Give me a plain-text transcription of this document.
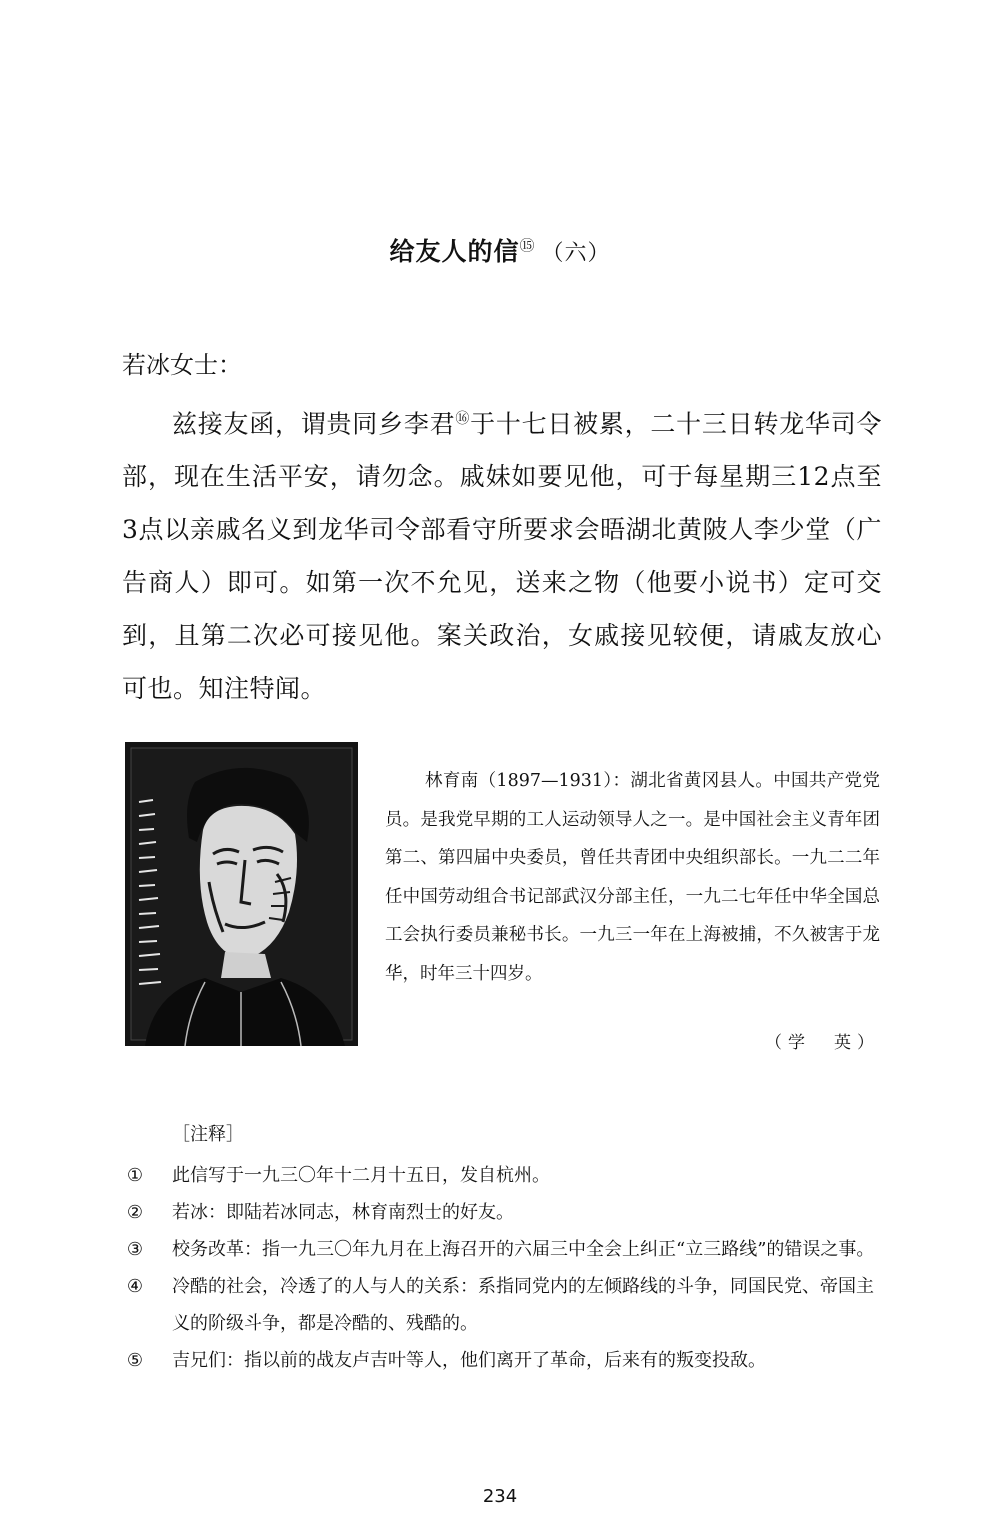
给友人的信⑮ （六）
若冰女士：
兹接友函，谓贵同乡李君⑯于十七日被累，二十三日转龙华司令部，现在生活平安，请勿念。戚妹如要见他，可于每星期三12点至3点以亲戚名义到龙华司令部看守所要求会晤湖北黄陂人李少堂（广告商人）即可。如第一次不允见，送来之物（他要小说书）定可交到，且第二次必可接见他。案关政治，女戚接见较便，请戚友放心可也。知注特闻。
林育南（1897—1931）：湖北省黄冈县人。中国共产党党员。是我党早期的工人运动领导人之一。是中国社会主义青年团第二、第四届中央委员，曾任共青团中央组织部长。一九二二年任中国劳动组合书记部武汉分部主任，一九二七年任中华全国总工会执行委员兼秘书长。一九三一年在上海被捕，不久被害于龙华，时年三十四岁。
（学　英）
［注释］

① 此信写于一九三〇年十二月十五日，发自杭州。

② 若冰：即陆若冰同志，林育南烈士的好友。

③ 校务改革：指一九三〇年九月在上海召开的六届三中全会上纠正“立三路线”的错误之事。

④ 冷酷的社会，冷透了的人与人的关系：系指同党内的左倾路线的斗争，同国民党、帝国主义的阶级斗争，都是冷酷的、残酷的。

⑤ 吉兄们：指以前的战友卢吉叶等人，他们离开了革命，后来有的叛变投敌。

234
